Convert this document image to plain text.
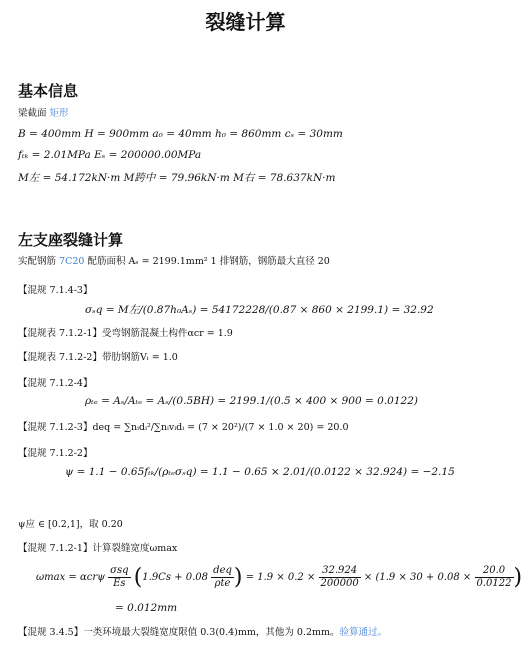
裂缝计算
基本信息
梁截面 矩形
B = 400mm H = 900mm a₀ = 40mm h₀ = 860mm cₛ = 30mm
fₜₖ = 2.01MPa Eₛ = 200000.00MPa
M左 = 54.172kN·m M跨中 = 79.96kN·m M右 = 78.637kN·m
左支座裂缝计算
实配钢筋 7C20 配筋面积 Aₛ = 2199.1mm² 1 排钢筋，钢筋最大直径 20
【混规 7.1.4-3】
σₛq = M左/(0.87h₀Aₛ) = 54172228/(0.87 × 860 × 2199.1) = 32.92
【混规表 7.1.2-1】受弯钢筋混凝土构件αcr = 1.9
【混规表 7.1.2-2】带肋钢筋Vᵢ = 1.0
【混规 7.1.2-4】
ρₜₑ = Aₛ/Aₜₑ = Aₛ/(0.5BH) = 2199.1/(0.5 × 400 × 900 = 0.0122)
【混规 7.1.2-3】deq = ∑nᵢdᵢ²/∑nᵢvᵢdᵢ = (7 × 20²)/(7 × 1.0 × 20) = 20.0
【混规 7.1.2-2】
ψ = 1.1 − 0.65fₜₖ/(ρₜₑσₛq) = 1.1 − 0.65 × 2.01/(0.0122 × 32.924) = −2.15
ψ应 ∈ [0.2,1]，取 0.20
【混规 7.1.2-1】计算裂缝宽度ωmax
ωmax = αcrψ $\frac{\text{σsq}}{Es} (1.9Cs + 0.08 \frac{\text{deq}}{\text{ρte}}$ ) = $1.9 \times 0.2 \times \frac{32.924}{200000} \times (1.9 \times 30 + 0.08 \times \frac{20.0}{0.0122}$ )
= 0.012mm
【混规 3.4.5】一类环境最大裂缝宽度限值 0.3(0.4)mm，其他为 0.2mm。验算通过。
